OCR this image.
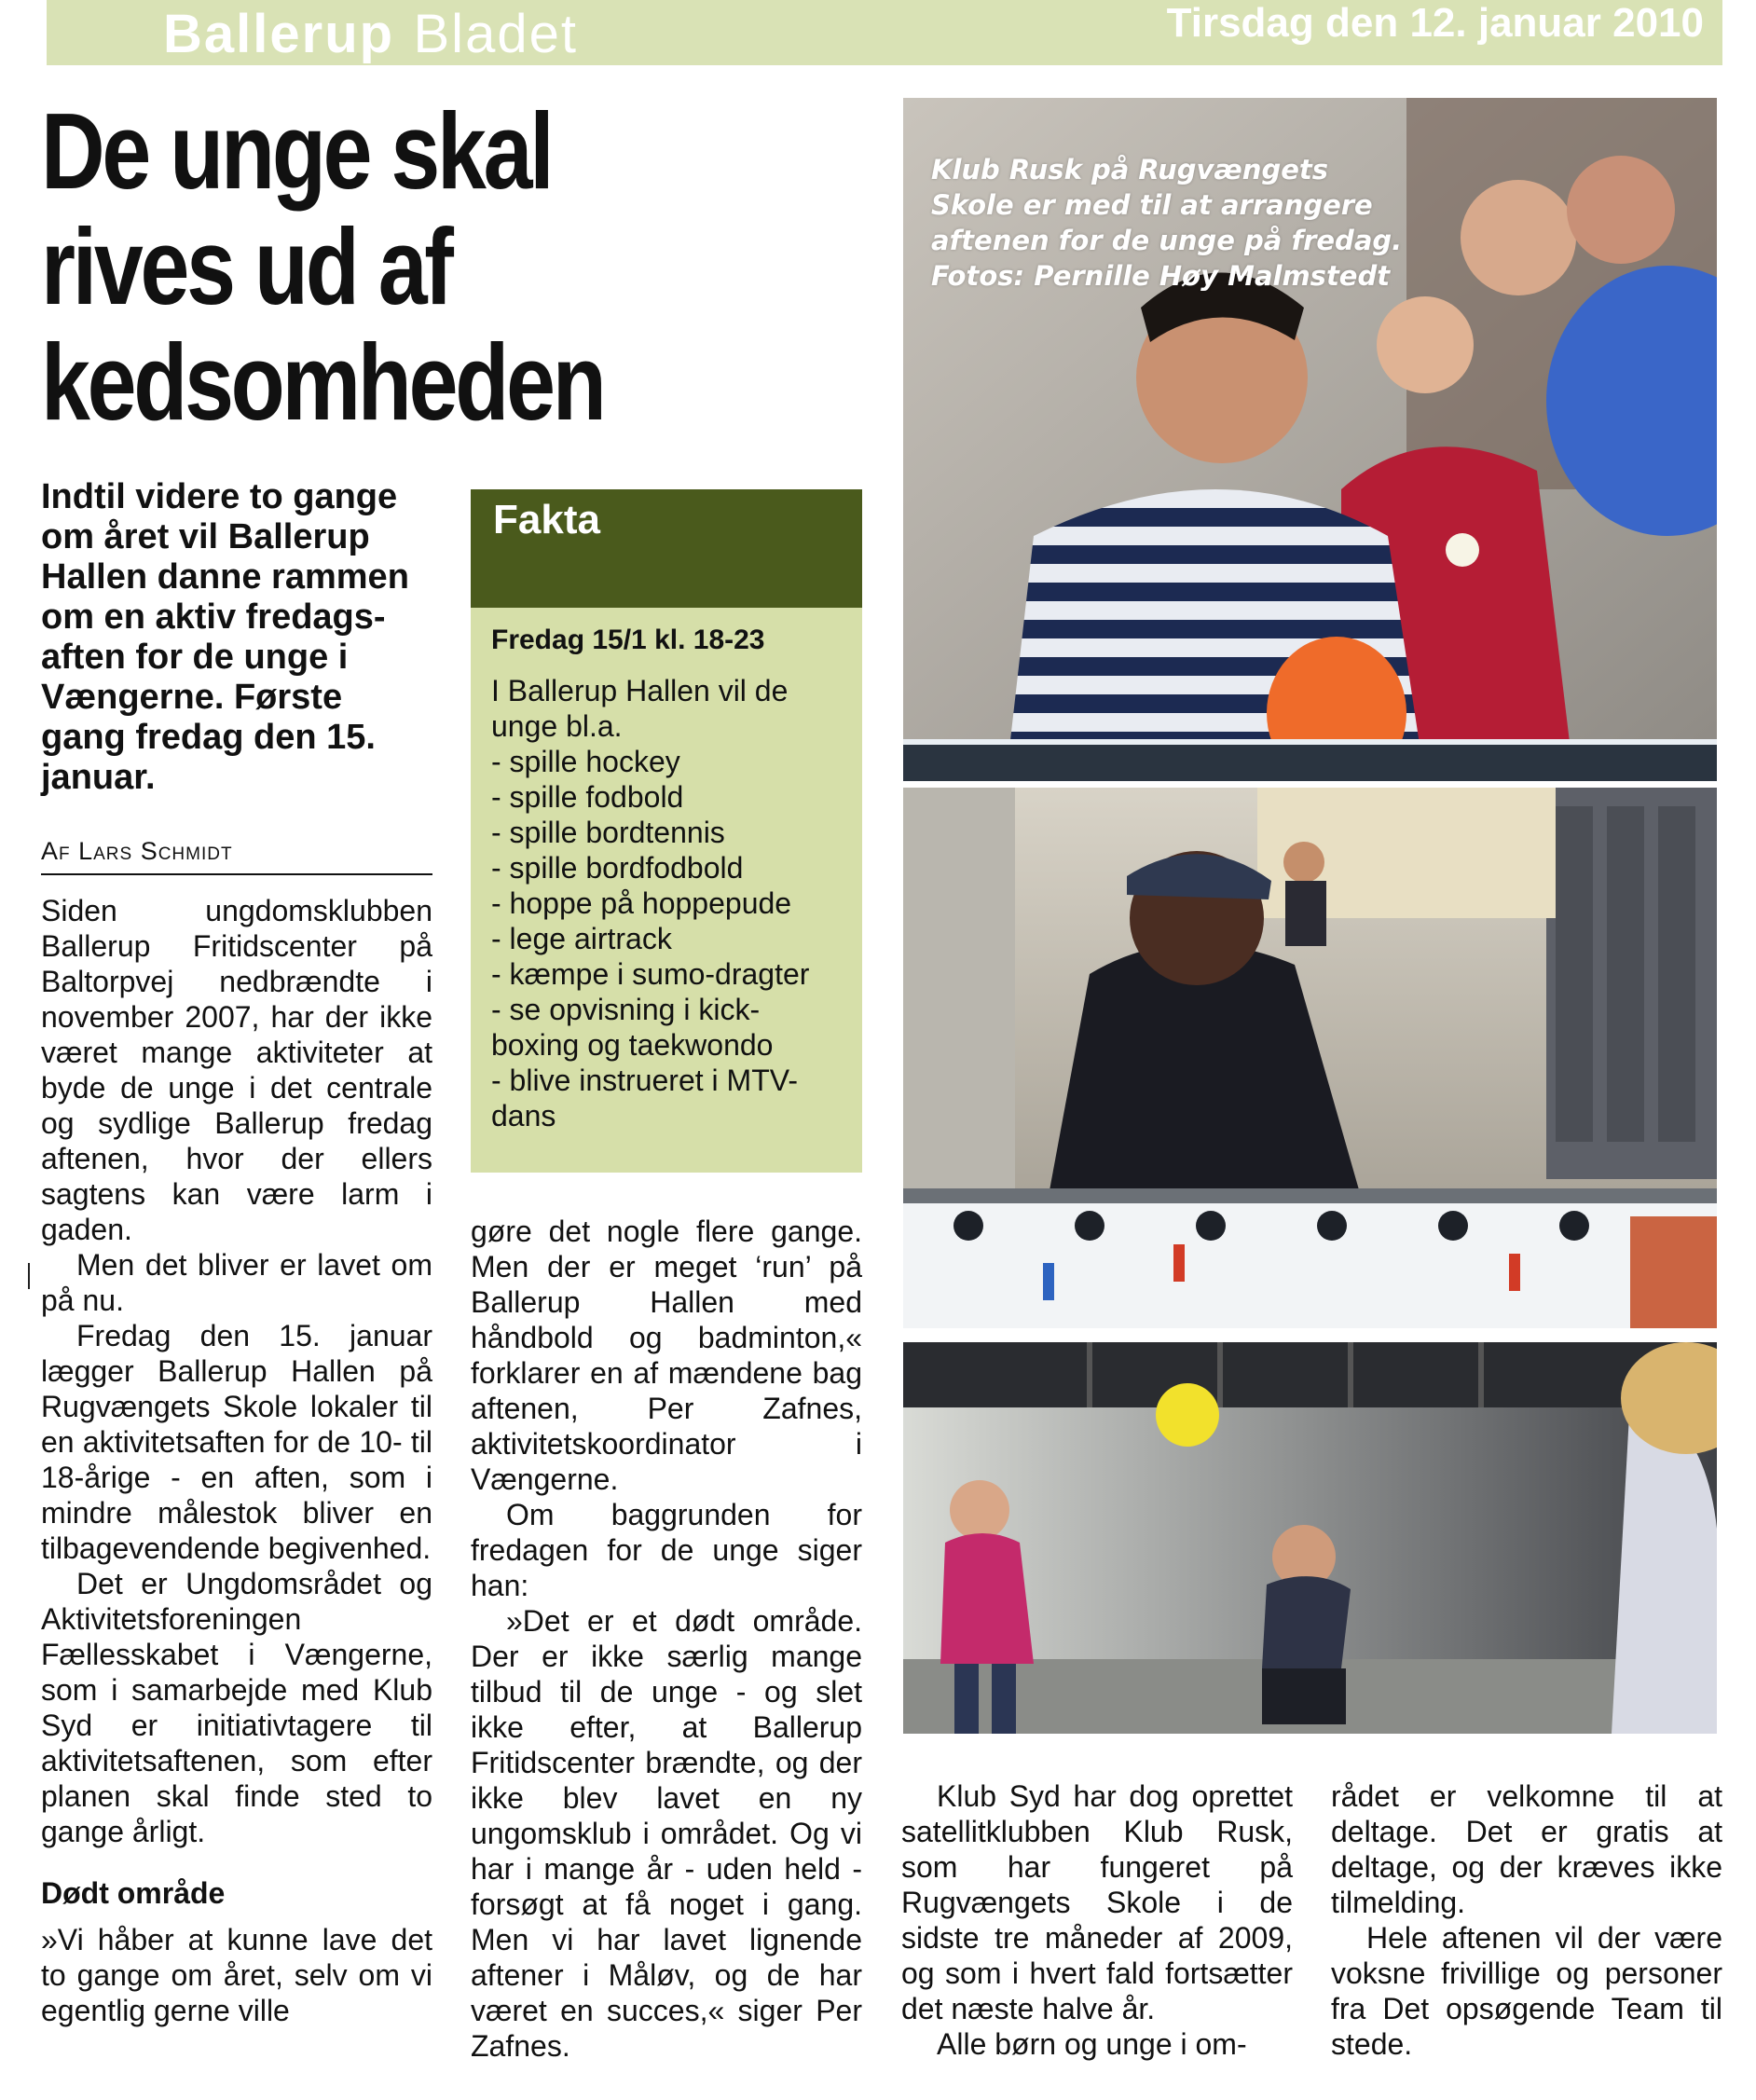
Ballerup Bladet	Tirsdag den 12. januar 2010
De unge skal
rives ud af
kedsomheden
Indtil videre to gange om året vil Ballerup Hallen danne rammen om en aktiv fredags-aften for de unge i Vængerne. Første gang fredag den 15. januar.
Af Lars Schmidt

Siden ungdomsklubben Ballerup Fritidscenter på Baltorpvej nedbrændte i november 2007, har der ikke været mange aktiviteter at byde de unge i det centrale og sydlige Ballerup fredag aftenen, hvor der ellers sagtens kan være larm i gaden.

Men det bliver er lavet om på nu.

Fredag den 15. januar lægger Ballerup Hallen på Rugvængets Skole lokaler til en aktivitetsaften for de 10- til 18-årige - en aften, som i mindre målestok bliver en tilbagevendende begivenhed.

Det er Ungdomsrådet og Aktivitetsforeningen Fællesskabet i Vængerne, som i samarbejde med Klub Syd er initiativtagere til aktivitetsaftenen, som efter planen skal finde sted to gange årligt.

Dødt område

»Vi håber at kunne lave det to gange om året, selv om vi egentlig gerne ville

Fakta
Fredag 15/1 kl. 18-23
I Ballerup Hallen vil de unge bl.a.
- spille hockey
- spille fodbold
- spille bordtennis
- spille bordfodbold
- hoppe på hoppepude
- lege airtrack
- kæmpe i sumo-dragter
- se opvisning i kick-boxing og taekwondo
- blive instrueret i MTV-dans

gøre det nogle flere gange. Men der er meget ‘run’ på Ballerup Hallen med håndbold og badminton,« forklarer en af mændene bag aftenen, Per Zafnes, aktivitetskoordinator i Vængerne.

Om baggrunden for fredagen for de unge siger han:

»Det er et dødt område. Der er ikke særlig mange tilbud til de unge - og slet ikke efter, at Ballerup Fritidscenter brændte, og der ikke blev lavet en ny ungomsklub i området. Og vi har i mange år - uden held -forsøgt at få noget i gang. Men vi har lavet lignende aftener i Måløv, og de har været en succes,« siger Per Zafnes.

Klub Syd har dog oprettet satellitklubben Klub Rusk, som har fungeret på Rugvængets Skole i de sidste tre måneder af 2009, og som i hvert fald fortsætter det næste halve år.

Alle børn og unge i om-

rådet er velkomne til at deltage. Det er gratis at deltage, og der kræves ikke tilmelding.

Hele aftenen vil der være voksne frivillige og personer fra Det opsøgende Team til stede.

Klub Rusk på Rugvængets Skole er med til at arrangere aftenen for de unge på fredag. Fotos: Pernille Høy Malmstedt
